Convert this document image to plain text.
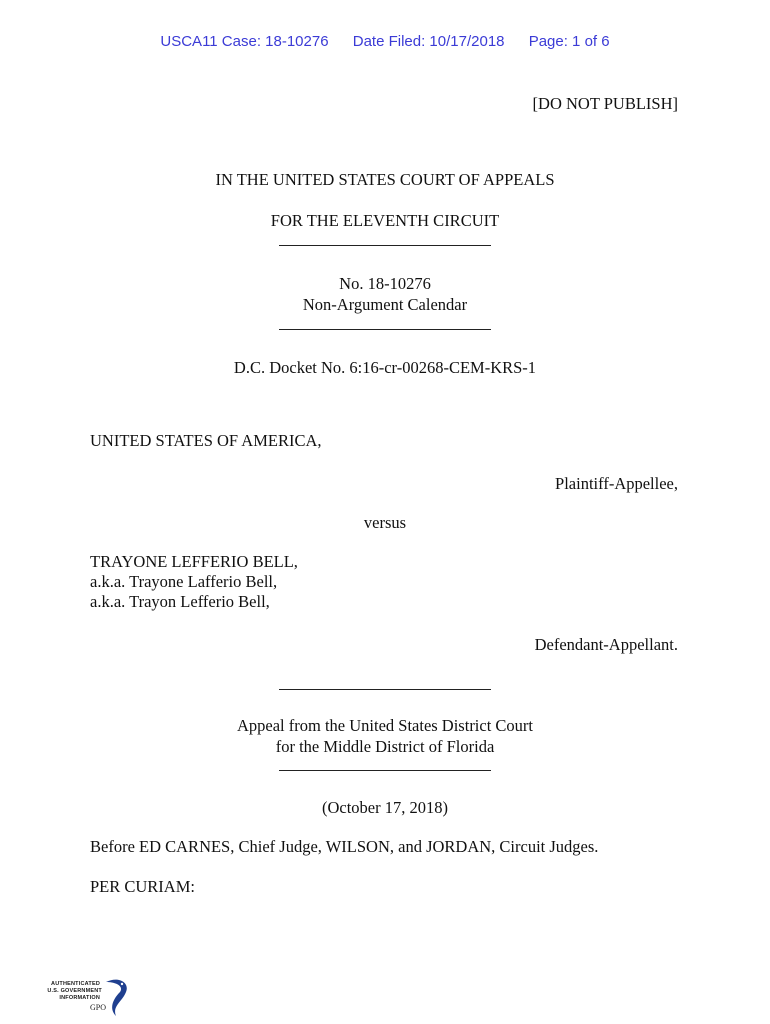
USCA11 Case: 18-10276 Date Filed: 10/17/2018 Page: 1 of 6
[DO NOT PUBLISH]
IN THE UNITED STATES COURT OF APPEALS
FOR THE ELEVENTH CIRCUIT
No. 18-10276
Non-Argument Calendar
D.C. Docket No. 6:16-cr-00268-CEM-KRS-1
UNITED STATES OF AMERICA,
Plaintiff-Appellee,
versus
TRAYONE LEFFERIO BELL,
a.k.a. Trayone Lafferio Bell,
a.k.a. Trayon Lefferio Bell,
Defendant-Appellant.
Appeal from the United States District Court
for the Middle District of Florida
(October 17, 2018)
Before ED CARNES, Chief Judge, WILSON, and JORDAN, Circuit Judges.
PER CURIAM:
AUTHENTICATED
U.S. GOVERNMENT
INFORMATION
GPO
